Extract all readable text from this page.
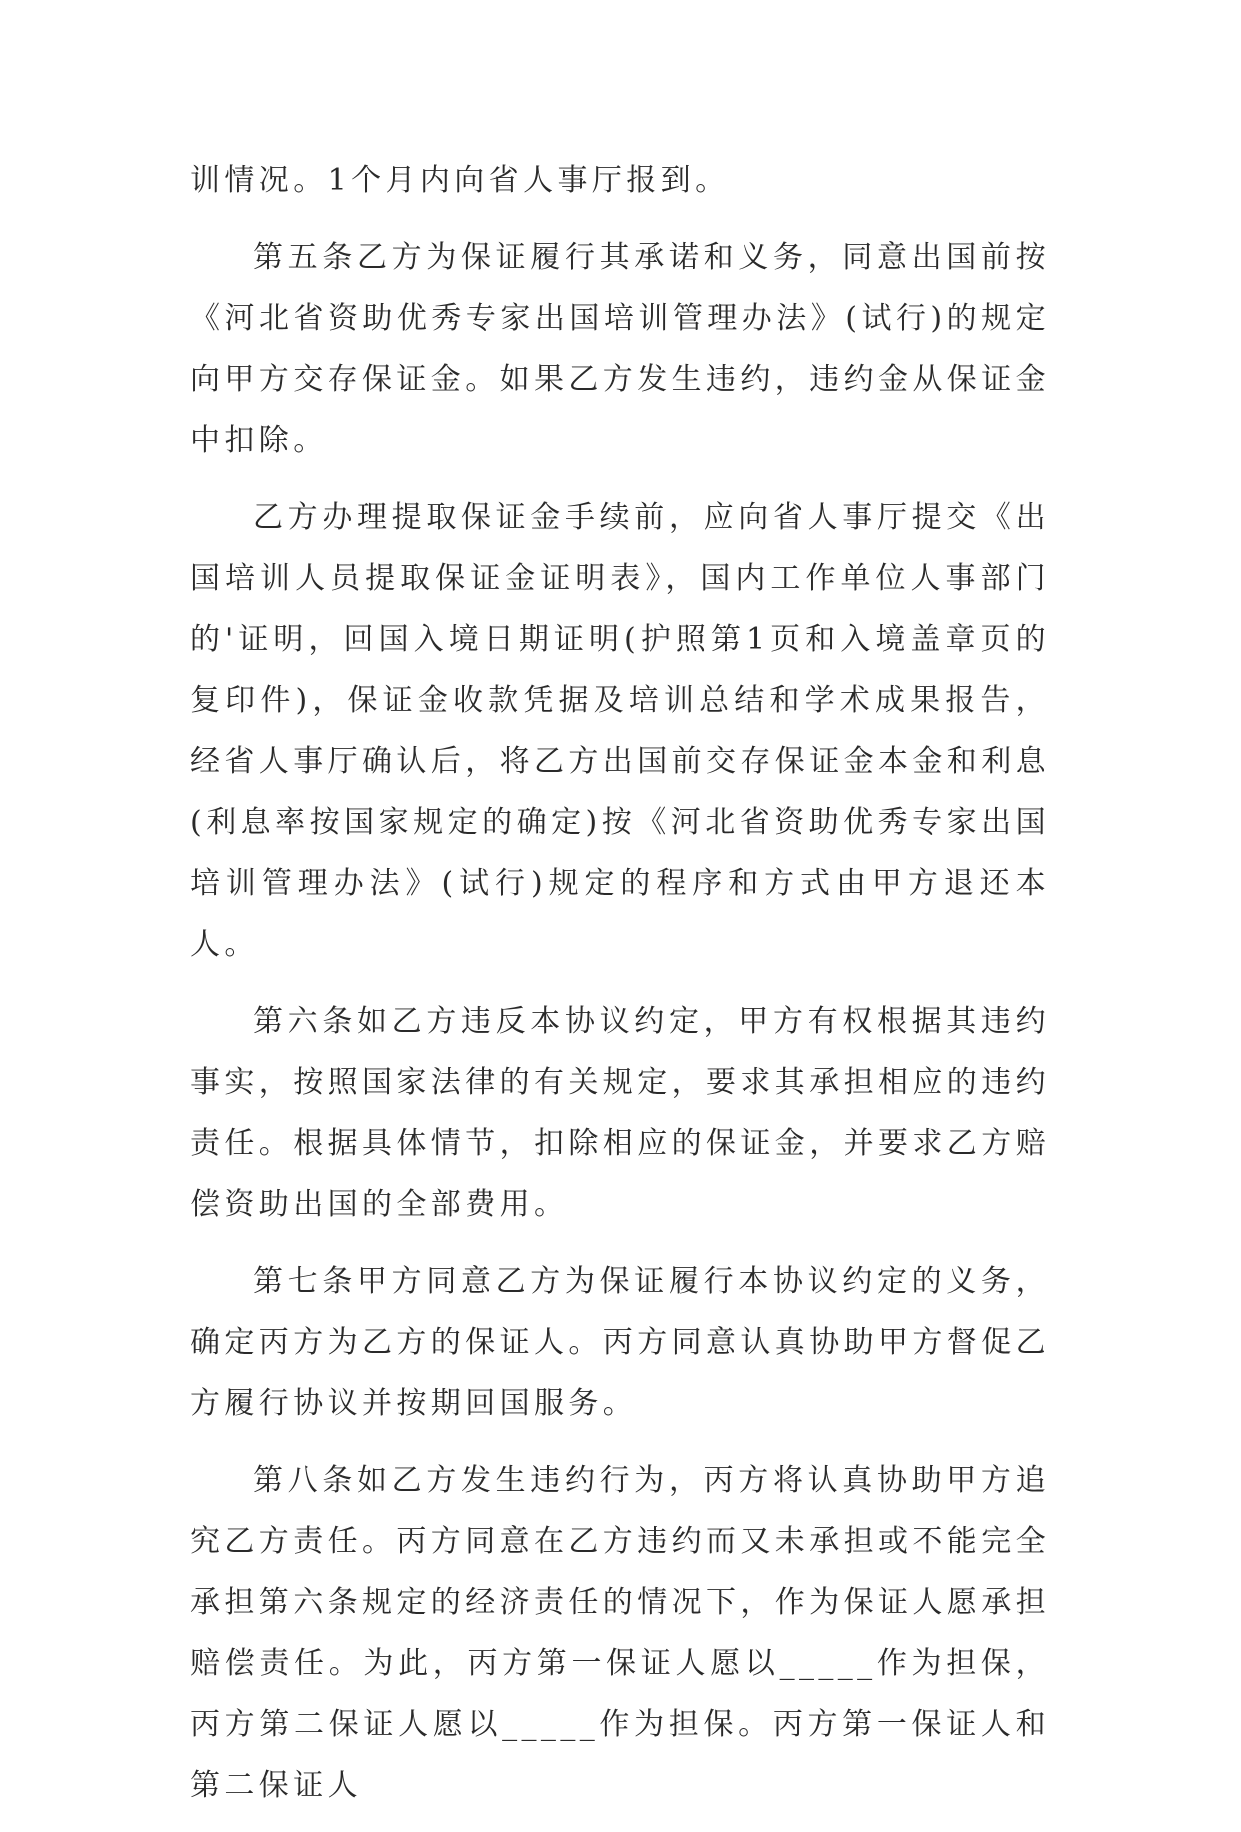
训情况。1个月内向省人事厅报到。

第五条乙方为保证履行其承诺和义务，同意出国前按《河北省资助优秀专家出国培训管理办法》(试行)的规定向甲方交存保证金。如果乙方发生违约，违约金从保证金中扣除。

乙方办理提取保证金手续前，应向省人事厅提交《出国培训人员提取保证金证明表》，国内工作单位人事部门的'证明，回国入境日期证明(护照第1页和入境盖章页的复印件)，保证金收款凭据及培训总结和学术成果报告，经省人事厅确认后，将乙方出国前交存保证金本金和利息(利息率按国家规定的确定)按《河北省资助优秀专家出国培训管理办法》(试行)规定的程序和方式由甲方退还本人。

第六条如乙方违反本协议约定，甲方有权根据其违约事实，按照国家法律的有关规定，要求其承担相应的违约责任。根据具体情节，扣除相应的保证金，并要求乙方赔偿资助出国的全部费用。

第七条甲方同意乙方为保证履行本协议约定的义务，确定丙方为乙方的保证人。丙方同意认真协助甲方督促乙方履行协议并按期回国服务。

第八条如乙方发生违约行为，丙方将认真协助甲方追究乙方责任。丙方同意在乙方违约而又未承担或不能完全承担第六条规定的经济责任的情况下，作为保证人愿承担赔偿责任。为此，丙方第一保证人愿以_____作为担保，丙方第二保证人愿以_____作为担保。丙方第一保证人和第二保证人
